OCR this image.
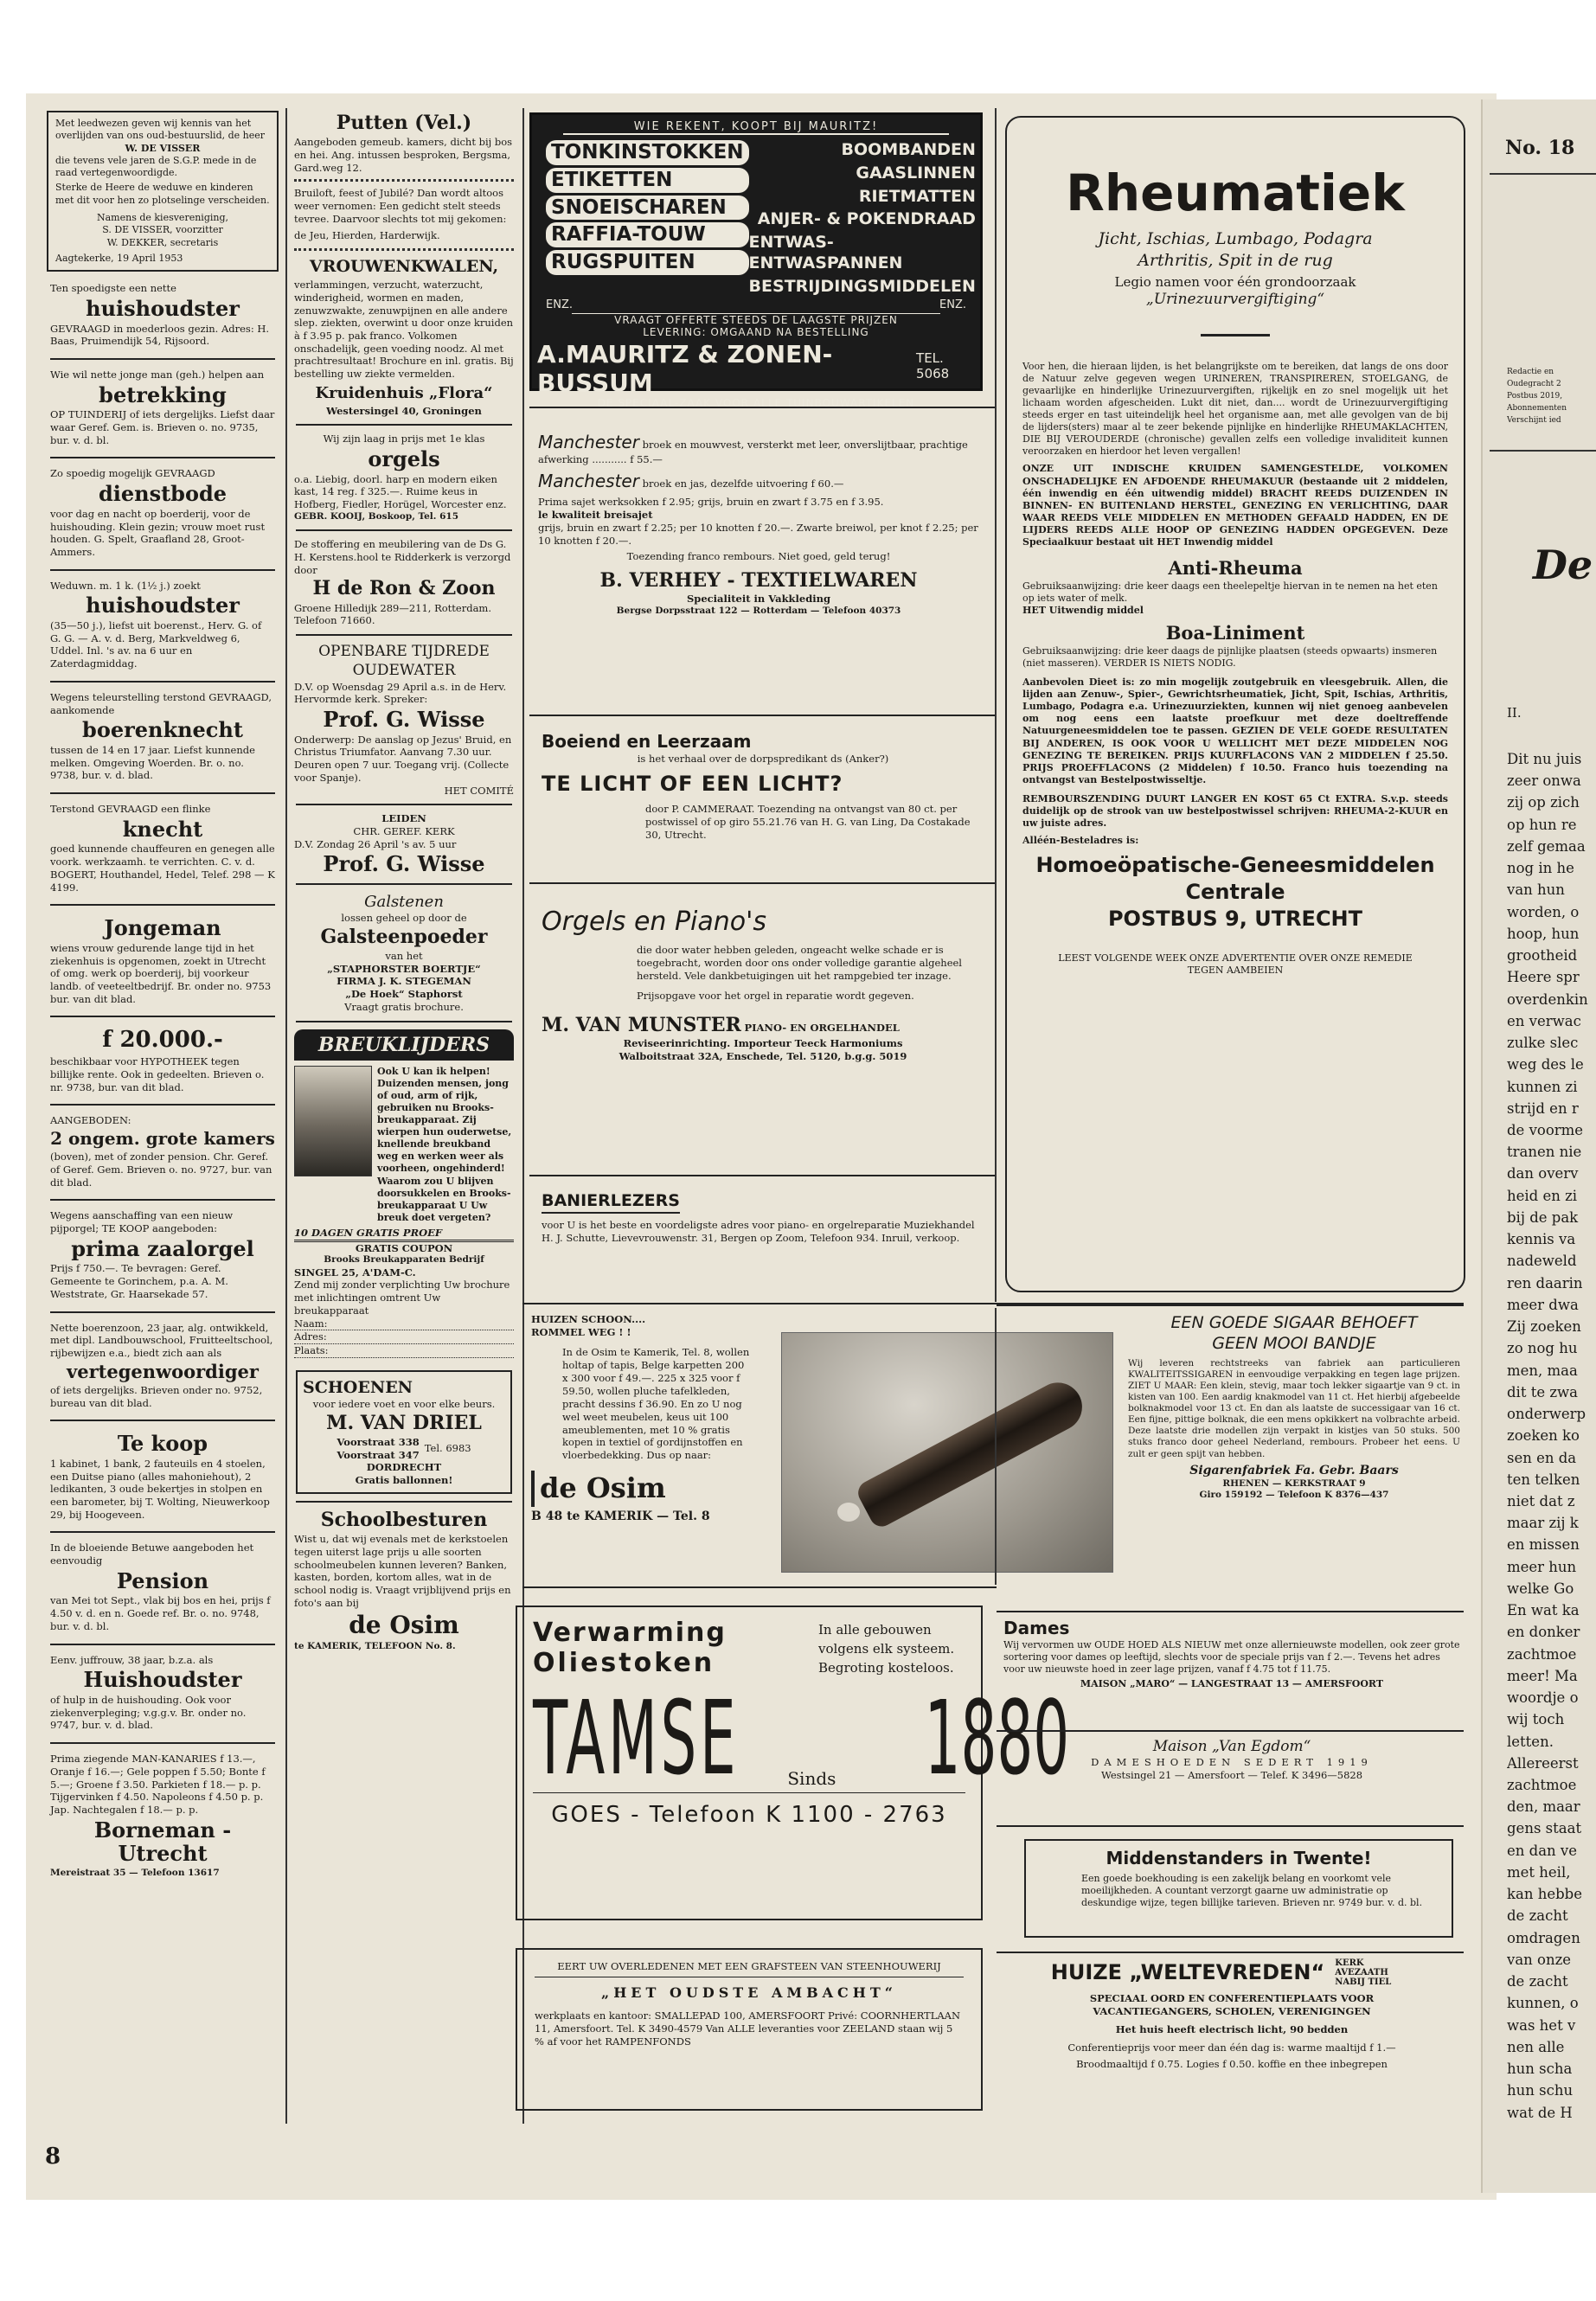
Met leedwezen geven wij kennis van het overlijden van ons oud-bestuurslid, de heer
W. DE VISSER
die tevens vele jaren de S.G.P. mede in de raad vertegenwoordigde.
Sterke de Heere de weduwe en kinderen met dit voor hen zo plotselinge verscheiden.
Namens de kiesvereniging,
S. DE VISSER, voorzitter
W. DEKKER, secretaris
Aagtekerke, 19 April 1953

Ten spoedigste een nette

huishoudster

GEVRAAGD in moederloos gezin. Adres: H. Baas, Pruimendijk 54, Rijsoord.

Wie wil nette jonge man (geh.) helpen aan

betrekking

OP TUINDERIJ of iets dergelijks. Liefst daar waar Geref. Gem. is. Brieven o. no. 9735, bur. v. d. bl.

Zo spoedig mogelijk GEVRAAGD

dienstbode

voor dag en nacht op boerderij, voor de huishouding. Klein gezin; vrouw moet rust houden. G. Spelt, Graafland 28, Groot-Ammers.

Weduwn. m. 1 k. (1½ j.) zoekt

huishoudster

(35—50 j.), liefst uit boerenst., Herv. G. of G. G. — A. v. d. Berg, Markveldweg 6, Uddel. Inl. 's av. na 6 uur en Zaterdagmiddag.

Wegens teleurstelling terstond GEVRAAGD, aankomende

boerenknecht

tussen de 14 en 17 jaar. Liefst kunnende melken. Omgeving Woerden. Br. o. no. 9738, bur. v. d. blad.

Terstond GEVRAAGD een flinke

knecht

goed kunnende chauffeuren en genegen alle voork. werkzaamh. te verrichten. C. v. d. BOGERT, Houthandel, Hedel, Telef. 298 — K 4199.

Jongeman

wiens vrouw gedurende lange tijd in het ziekenhuis is opgenomen, zoekt in Utrecht of omg. werk op boerderij, bij voorkeur landb. of veeteeltbedrijf. Br. onder no. 9753 bur. van dit blad.

f 20.000.-

beschikbaar voor HYPOTHEEK tegen billijke rente. Ook in gedeelten. Brieven o. nr. 9738, bur. van dit blad.

AANGEBODEN:

2 ongem. grote kamers

(boven), met of zonder pension. Chr. Geref. of Geref. Gem. Brieven o. no. 9727, bur. van dit blad.

Wegens aanschaffing van een nieuw pijporgel; TE KOOP aangeboden:

prima zaalorgel

Prijs f 750.—. Te bevragen: Geref. Gemeente te Gorinchem, p.a. A. M. Weststrate, Gr. Haarsekade 57.

Nette boerenzoon, 23 jaar, alg. ontwikkeld, met dipl. Landbouwschool, Fruitteeltschool, rijbewijzen e.a., biedt zich aan als

vertegenwoordiger

of iets dergelijks. Brieven onder no. 9752, bureau van dit blad.

Te koop

1 kabinet, 1 bank, 2 fauteuils en 4 stoelen, een Duitse piano (alles mahoniehout), 2 ledikanten, 3 oude bekertjes in stolpen en een barometer, bij T. Wolting, Nieuwerkoop 29, bij Hoogeveen.

In de bloeiende Betuwe aangeboden het eenvoudig

Pension

van Mei tot Sept., vlak bij bos en hei, prijs f 4.50 v. d. en n. Goede ref. Br. o. no. 9748, bur. v. d. bl.

Eenv. juffrouw, 38 jaar, b.z.a. als

Huishoudster

of hulp in de huishouding. Ook voor ziekenverpleging; v.g.g.v. Br. onder no. 9747, bur. v. d. blad.

Prima ziegende MAN-KANARIES f 13.—, Oranje f 16.—; Gele poppen f 5.50; Bonte f 5.—; Groene f 3.50. Parkieten f 18.— p. p. Tijgervinken f 4.50. Napoleons f 4.50 p. p. Jap. Nachtegalen f 18.— p. p.

Borneman - Utrecht

Mereistraat 35 — Telefoon 13617

8
Putten (Vel.)
Aangeboden gemeub. kamers, dicht bij bos en hei. Ang. intussen besproken, Bergsma, Gard.weg 12.
Bruiloft, feest of Jubilé? Dan wordt altoos weer vernomen: Een gedicht stelt steeds tevree. Daarvoor slechts tot mij gekomen:
de Jeu, Hierden, Harderwijk.
VROUWENKWALEN,
verlammingen, verzucht, waterzucht, winderigheid, wormen en maden, zenuwzwakte, zenuwpijnen en alle andere slep. ziekten, overwint u door onze kruiden à f 3.95 p. pak franco. Volkomen onschadelijk, geen voeding noodz. Al met prachtresultaat! Brochure en inl. gratis. Bij bestelling uw ziekte vermelden.
Kruidenhuis „Flora“
Westersingel 40, Groningen
Wij zijn laag in prijs met 1e klas
orgels
o.a. Liebig, doorl. harp en modern eiken kast, 14 reg. f 325.—. Ruime keus in Hofberg, Fiedler, Horügel, Worcester enz.
GEBR. KOOIJ, Boskoop, Tel. 615
De stoffering en meubilering van de Ds G. H. Kerstens.hool te Ridderkerk is verzorgd door
H de Ron & Zoon
Groene Hilledijk 289—211, Rotterdam. Telefoon 71660.
OPENBARE TIJDREDE
OUDEWATER
D.V. op Woensdag 29 April a.s. in de Herv. Hervormde kerk. Spreker:
Prof. G. Wisse
Onderwerp: De aanslag op Jezus' Bruid, en Christus Triumfator. Aanvang 7.30 uur. Deuren open 7 uur. Toegang vrij. (Collecte voor Spanje).
HET COMITÉ
LEIDEN
CHR. GEREF. KERK
D.V. Zondag 26 April 's av. 5 uur
Prof. G. Wisse
Galstenen
lossen geheel op door de
Galsteenpoeder
van het
„STAPHORSTER BOERTJE“
FIRMA J. K. STEGEMAN
„De Hoek“ Staphorst
Vraagt gratis brochure.
BREUKLIJDERS
Ook U kan ik helpen! Duizenden mensen, jong of oud, arm of rijk, gebruiken nu Brooks-breukapparaat. Zij wierpen hun ouderwetse, knellende breukband weg en werken weer als voorheen, ongehinderd! Waarom zou U blijven doorsukkelen en Brooks-breukapparaat U Uw breuk doet vergeten?
10 DAGEN GRATIS PROEF
GRATIS COUPON
Brooks Breukapparaten Bedrijf
SINGEL 25, A'DAM-C.
Zend mij zonder verplichting Uw brochure met inlichtingen omtrent Uw breukapparaat
Naam:
Adres:
Plaats:
SCHOENEN
voor iedere voet en voor elke beurs.
M. VAN DRIEL
Voorstraat 338
Voorstraat 347
Tel. 6983
DORDRECHT
Gratis ballonnen!
Schoolbesturen
Wist u, dat wij evenals met de kerkstoelen tegen uiterst lage prijs u alle soorten schoolmeubelen kunnen leveren? Banken, kasten, borden, kortom alles, wat in de school nodig is. Vraagt vrijblijvend prijs en foto's aan bij
de Osim
te KAMERIK, TELEFOON No. 8.
WIE REKENT, KOOPT BIJ MAURITZ!
TONKINSTOKKEN
ETIKETTEN
SNOEISCHAREN
RAFFIA-TOUW
RUGSPUITEN
BOOMBANDEN
GAASLINNEN
RIETMATTEN
ANJER- & POKENDRAAD
ENTWAS-ENTWASPANNEN
BESTRIJDINGSMIDDELEN
ENZ.	ENZ.
VRAAGT OFFERTE STEEDS DE LAAGSTE PRIJZEN
LEVERING: OMGAAND NA BESTELLING
A.MAURITZ & ZONEN-BUSSUM
TEL. 5068
DE SPECIAAL-ZAAK VOOR ALLE TUINBOUWARTIKELEN
Manchester broek en mouwvest, versterkt met leer, onverslijtbaar, prachtige afwerking ........... f 55.—
Manchester broek en jas, dezelfde uitvoering f 60.—
Prima sajet werksokken f 2.95; grijs, bruin en zwart f 3.75 en f 3.95.
le kwaliteit breisajet
grijs, bruin en zwart f 2.25; per 10 knotten f 20.—. Zwarte breiwol, per knot f 2.25; per 10 knotten f 20.—.
Toezending franco rembours. Niet goed, geld terug!
B. VERHEY - TEXTIELWAREN
Specialiteit in Vakkleding
Bergse Dorpsstraat 122 — Rotterdam — Telefoon 40373
Boeiend en Leerzaam
is het verhaal over de dorpspredikant ds (Anker?)
TE LICHT OF EEN LICHT?
door P. CAMMERAAT. Toezending na ontvangst van 80 ct. per postwissel of op giro 55.21.76 van H. G. van Ling, Da Costakade 30, Utrecht.
Orgels en Piano's
die door water hebben geleden, ongeacht welke schade er is toegebracht, worden door ons onder volledige garantie algeheel hersteld. Vele dankbetuigingen uit het rampgebied ter inzage.
Prijsopgave voor het orgel in reparatie wordt gegeven.
M. VAN MUNSTER PIANO- EN ORGELHANDEL
Reviseerinrichting. Importeur Teeck Harmoniums
Walboitstraat 32A, Enschede, Tel. 5120, b.g.g. 5019
BANIERLEZERS
voor U is het beste en voordeligste adres voor piano- en orgelreparatie Muziekhandel H. J. Schutte, Lievevrouwenstr. 31, Bergen op Zoom, Telefoon 934. Inruil, verkoop.
HUIZEN SCHOON....
ROMMEL WEG ! !
In de Osim te Kamerik, Tel. 8, wollen holtap of tapis, Belge karpetten 200 x 300 voor f 49.—. 225 x 325 voor f 59.50, wollen pluche tafelkleden, pracht dessins f 36.90. En zo U nog wel weet meubelen, keus uit 100 ameublementen, met 10 % gratis kopen in textiel of gordijnstoffen en vloerbedekking. Dus op naar:
de Osim
B 48 te KAMERIK — Tel. 8
Verwarming
Oliestoken
In alle gebouwen volgens elk systeem. Begroting kosteloos.
TAMSE	Sinds 1880
GOES - Telefoon K 1100 - 2763
EERT UW OVERLEDENEN MET EEN GRAFSTEEN VAN STEENHOUWERIJ
„HET OUDSTE AMBACHT“
werkplaats en kantoor: SMALLEPAD 100, AMERSFOORT Privé: COORNHERTLAAN 11, Amersfoort. Tel. K 3490-4579 Van ALLE leveranties voor ZEELAND staan wij 5 % af voor het RAMPENFONDS
Rheumatiek
Jicht, Ischias, Lumbago, Podagra
Arthritis, Spit in de rug
Legio namen voor één grondoorzaak
„Urinezuurvergiftiging“
Voor hen, die hieraan lijden, is het belangrijkste om te bereiken, dat langs de ons door de Natuur zelve gegeven wegen URINEREN, TRANSPIREREN, STOELGANG, de gevaarlijke en hinderlijke Urinezuurvergiften, rijkelijk en zo snel mogelijk uit het lichaam worden afgescheiden. Lukt dit niet, dan.... wordt de Urinezuurvergiftiging steeds erger en tast uiteindelijk heel het organisme aan, met alle gevolgen van de bij de lijders(sters) maar al te zeer bekende pijnlijke en hinderlijke RHEUMAKLACHTEN, DIE BIJ VEROUDERDE (chronische) gevallen zelfs een volledige invaliditeit kunnen veroorzaken en hierdoor het leven vergallen!
ONZE UIT INDISCHE KRUIDEN SAMENGESTELDE, VOLKOMEN ONSCHADELIJKE EN AFDOENDE RHEUMAKUUR (bestaande uit 2 middelen, één inwendig en één uitwendig middel) BRACHT REEDS DUIZENDEN IN BINNEN- EN BUITENLAND HERSTEL, GENEZING EN VERLICHTING, DAAR WAAR REEDS VELE MIDDELEN EN METHODEN GEFAALD HADDEN, EN DE LIJDERS REEDS ALLE HOOP OP GENEZING HADDEN OPGEGEVEN. Deze Speciaalkuur bestaat uit HET Inwendig middel
Anti-Rheuma
Gebruiksaanwijzing: drie keer daags een theelepeltje hiervan in te nemen na het eten op iets water of melk.
HET Uitwendig middel
Boa-Liniment
Gebruiksaanwijzing: drie keer daags de pijnlijke plaatsen (steeds opwaarts) insmeren (niet masseren). VERDER IS NIETS NODIG.
Aanbevolen Dieet is: zo min mogelijk zoutgebruik en vleesgebruik. Allen, die lijden aan Zenuw-, Spier-, Gewrichtsrheumatiek, Jicht, Spit, Ischias, Arthritis, Lumbago, Podagra e.a. Urinezuurziekten, kunnen wij niet genoeg aanbevelen om nog eens een laatste proefkuur met deze doeltreffende Natuurgeneesmiddelen toe te passen. GEZIEN DE VELE GOEDE RESULTATEN BIJ ANDEREN, IS OOK VOOR U WELLICHT MET DEZE MIDDELEN NOG GENEZING TE BEREIKEN. PRIJS KUURFLACONS VAN 2 MIDDELEN f 25.50. PRIJS PROEFFLACONS (2 Middelen) f 10.50. Franco huis toezending na ontvangst van Bestelpostwisseltje.
REMBOURSZENDING DUURT LANGER EN KOST 65 Ct EXTRA. S.v.p. steeds duidelijk op de strook van uw bestelpostwissel schrijven: RHEUMA-2-KUUR en uw juiste adres.
Alléén-Besteladres is:
Homoeöpatische-Geneesmiddelen
Centrale
POSTBUS 9, UTRECHT
LEEST VOLGENDE WEEK ONZE ADVERTENTIE OVER ONZE REMEDIE TEGEN AAMBEIEN
EEN GOEDE SIGAAR BEHOEFT
GEEN MOOI BANDJE
Wij leveren rechtstreeks van fabriek aan particulieren KWALITEITSSIGAREN in eenvoudige verpakking en tegen lage prijzen. ZIET U MAAR: Een klein, stevig, maar toch lekker sigaartje van 9 ct. in kisten van 100. Een aardig knakmodel van 11 ct. Het hierbij afgebeelde bolknakmodel voor 13 ct. En dan als laatste de successigaar van 16 ct. Een fijne, pittige bolknak, die een mens opkikkert na volbrachte arbeid. Deze laatste drie modellen zijn verpakt in kistjes van 50 stuks. 500 stuks franco door geheel Nederland, rembours. Probeer het eens. U zult er geen spijt van hebben.
Sigarenfabriek Fa. Gebr. Baars
RHENEN — KERKSTRAAT 9
Giro 159192 — Telefoon K 8376—437
Dames
Wij vervormen uw OUDE HOED ALS NIEUW met onze allernieuwste modellen, ook zeer grote sortering voor dames op leeftijd, slechts voor de speciale prijs van f 2.—. Tevens het adres voor uw nieuwste hoed in zeer lage prijzen, vanaf f 4.75 tot f 11.75.
MAISON „MARO“ — LANGESTRAAT 13 — AMERSFOORT
Maison „Van Egdom“
DAMESHOEDEN SEDERT 1919
Westsingel 21 — Amersfoort — Telef. K 3496—5828
Middenstanders in Twente!
Een goede boekhouding is een zakelijk belang en voorkomt vele moeilijkheden. A countant verzorgt gaarne uw administratie op deskundige wijze, tegen billijke tarieven. Brieven nr. 9749 bur. v. d. bl.
HUIZE „WELTEVREDEN“ KERK AVEZAATH NABIJ TIEL
SPECIAAL OORD EN CONFERENTIEPLAATS VOOR
VACANTIEGANGERS, SCHOLEN, VERENIGINGEN
Het huis heeft electrisch licht, 90 bedden
Conferentieprijs voor meer dan één dag is: warme maaltijd f 1.—
Broodmaaltijd f 0.75. Logies f 0.50. koffie en thee inbegrepen
No. 18
Redactie en
Oudegracht 2
Postbus 2019,
Abonnementen
Verschijnt ied
De
II.
Dit nu juis
zeer onwa
zij op zich
op hun re
zelf gemaa
nog in he
van hun
worden, o
hoop, hun
grootheid
Heere spr
overdenkin
en verwac
zulke slec
weg des le
kunnen zi
strijd en r
de voorme
tranen nie
dan overv
heid en zi
bij de pak
kennis va
nadeweld
ren daarin
meer dwa
Zij zoeken
zo nog hu
men, maa
dit te zwa
onderwerp
zoeken ko
sen en da
ten telken
niet dat z
maar zij k
en missen
meer hun
welke Go
En wat ka
en donker
zachtmoe
meer! Ma
woordje o
wij toch
letten.
Allereerst
zachtmoe
den, maar
gens staat
en dan ve
met heil,
kan hebbe
de zacht
omdragen
van onze
de zacht
kunnen, o
was het v
nen alle
hun scha
hun schu
wat de H
